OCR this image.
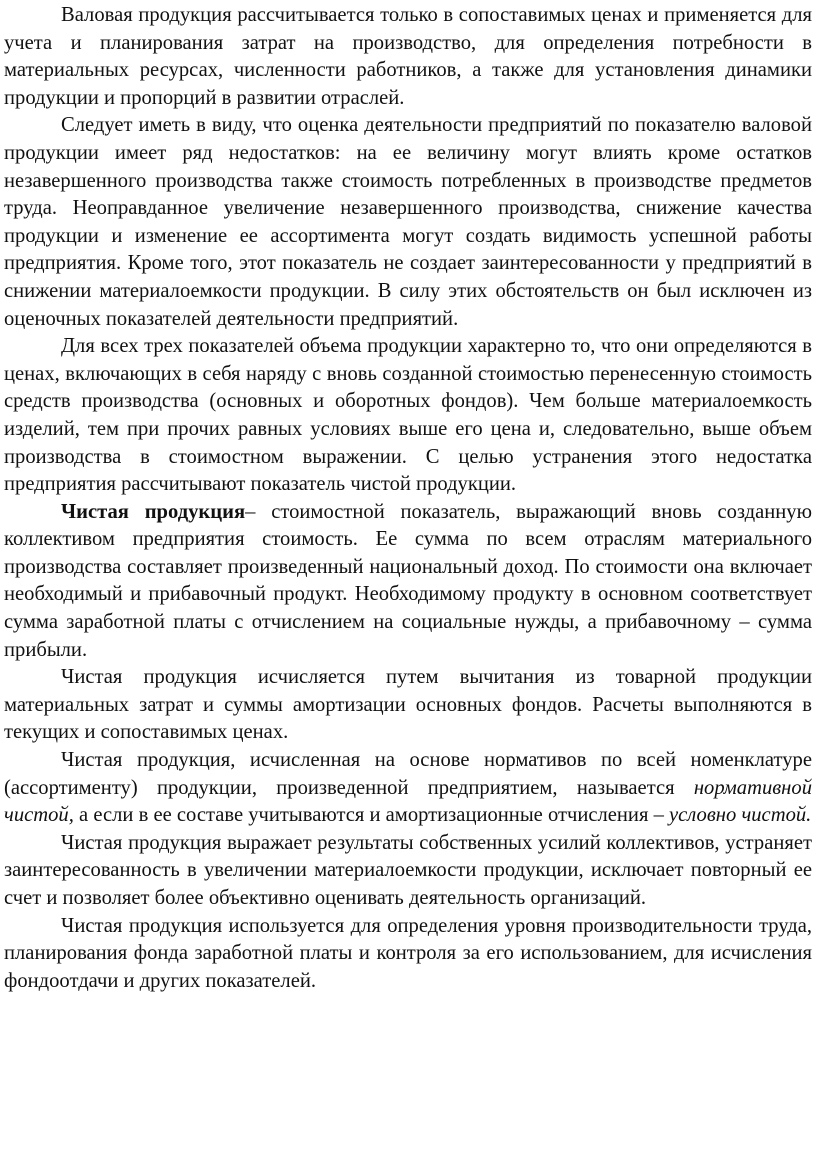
Валовая продукция рассчитывается только в сопоставимых ценах и применяется для учета и планирования затрат на производство, для определения потребности в материальных ресурсах, численности работников, а также для установления динамики продукции и пропорций в развитии отраслей.

Следует иметь в виду, что оценка деятельности предприятий по показателю валовой продукции имеет ряд недостатков: на ее величину могут влиять кроме остатков незавершенного производства также стоимость потребленных в производстве предметов труда. Неоправданное увеличение незавершенного производства, снижение качества продукции и изменение ее ассортимента могут создать видимость успешной работы предприятия. Кроме того, этот показатель не создает заинтересованности у предприятий в снижении материалоемкости продукции. В силу этих обстоятельств он был исключен из оценочных показателей деятельности предприятий.

Для всех трех показателей объема продукции характерно то, что они определяются в ценах, включающих в себя наряду с вновь созданной стоимостью перенесенную стоимость средств производства (основных и оборотных фондов). Чем больше материалоемкость изделий, тем при прочих равных условиях выше его цена и, следовательно, выше объем производства в стоимостном выражении. С целью устранения этого недостатка предприятия рассчитывают показатель чистой продукции.

Чистая продукция– стоимостной показатель, выражающий вновь созданную коллективом предприятия стоимость. Ее сумма по всем отраслям материального производства составляет произведенный национальный доход. По стоимости она включает необходимый и прибавочный продукт. Необходимому продукту в основном соответствует сумма заработной платы с отчислением на социальные нужды, а прибавочному – сумма прибыли.

Чистая продукция исчисляется путем вычитания из товарной продукции материальных затрат и суммы амортизации основных фондов. Расчеты выполняются в текущих и сопоставимых ценах.

Чистая продукция, исчисленная на основе нормативов по всей номенклатуре (ассортименту) продукции, произведенной предприятием, называется нормативной чистой, а если в ее составе учитываются и амортизационные отчисления – условно чистой.

Чистая продукция выражает результаты собственных усилий коллективов, устраняет заинтересованность в увеличении материалоемкости продукции, исключает повторный ее счет и позволяет более объективно оценивать деятельность организаций.

Чистая продукция используется для определения уровня производительности труда, планирования фонда заработной платы и контроля за его использованием, для исчисления фондоотдачи и других показателей.
